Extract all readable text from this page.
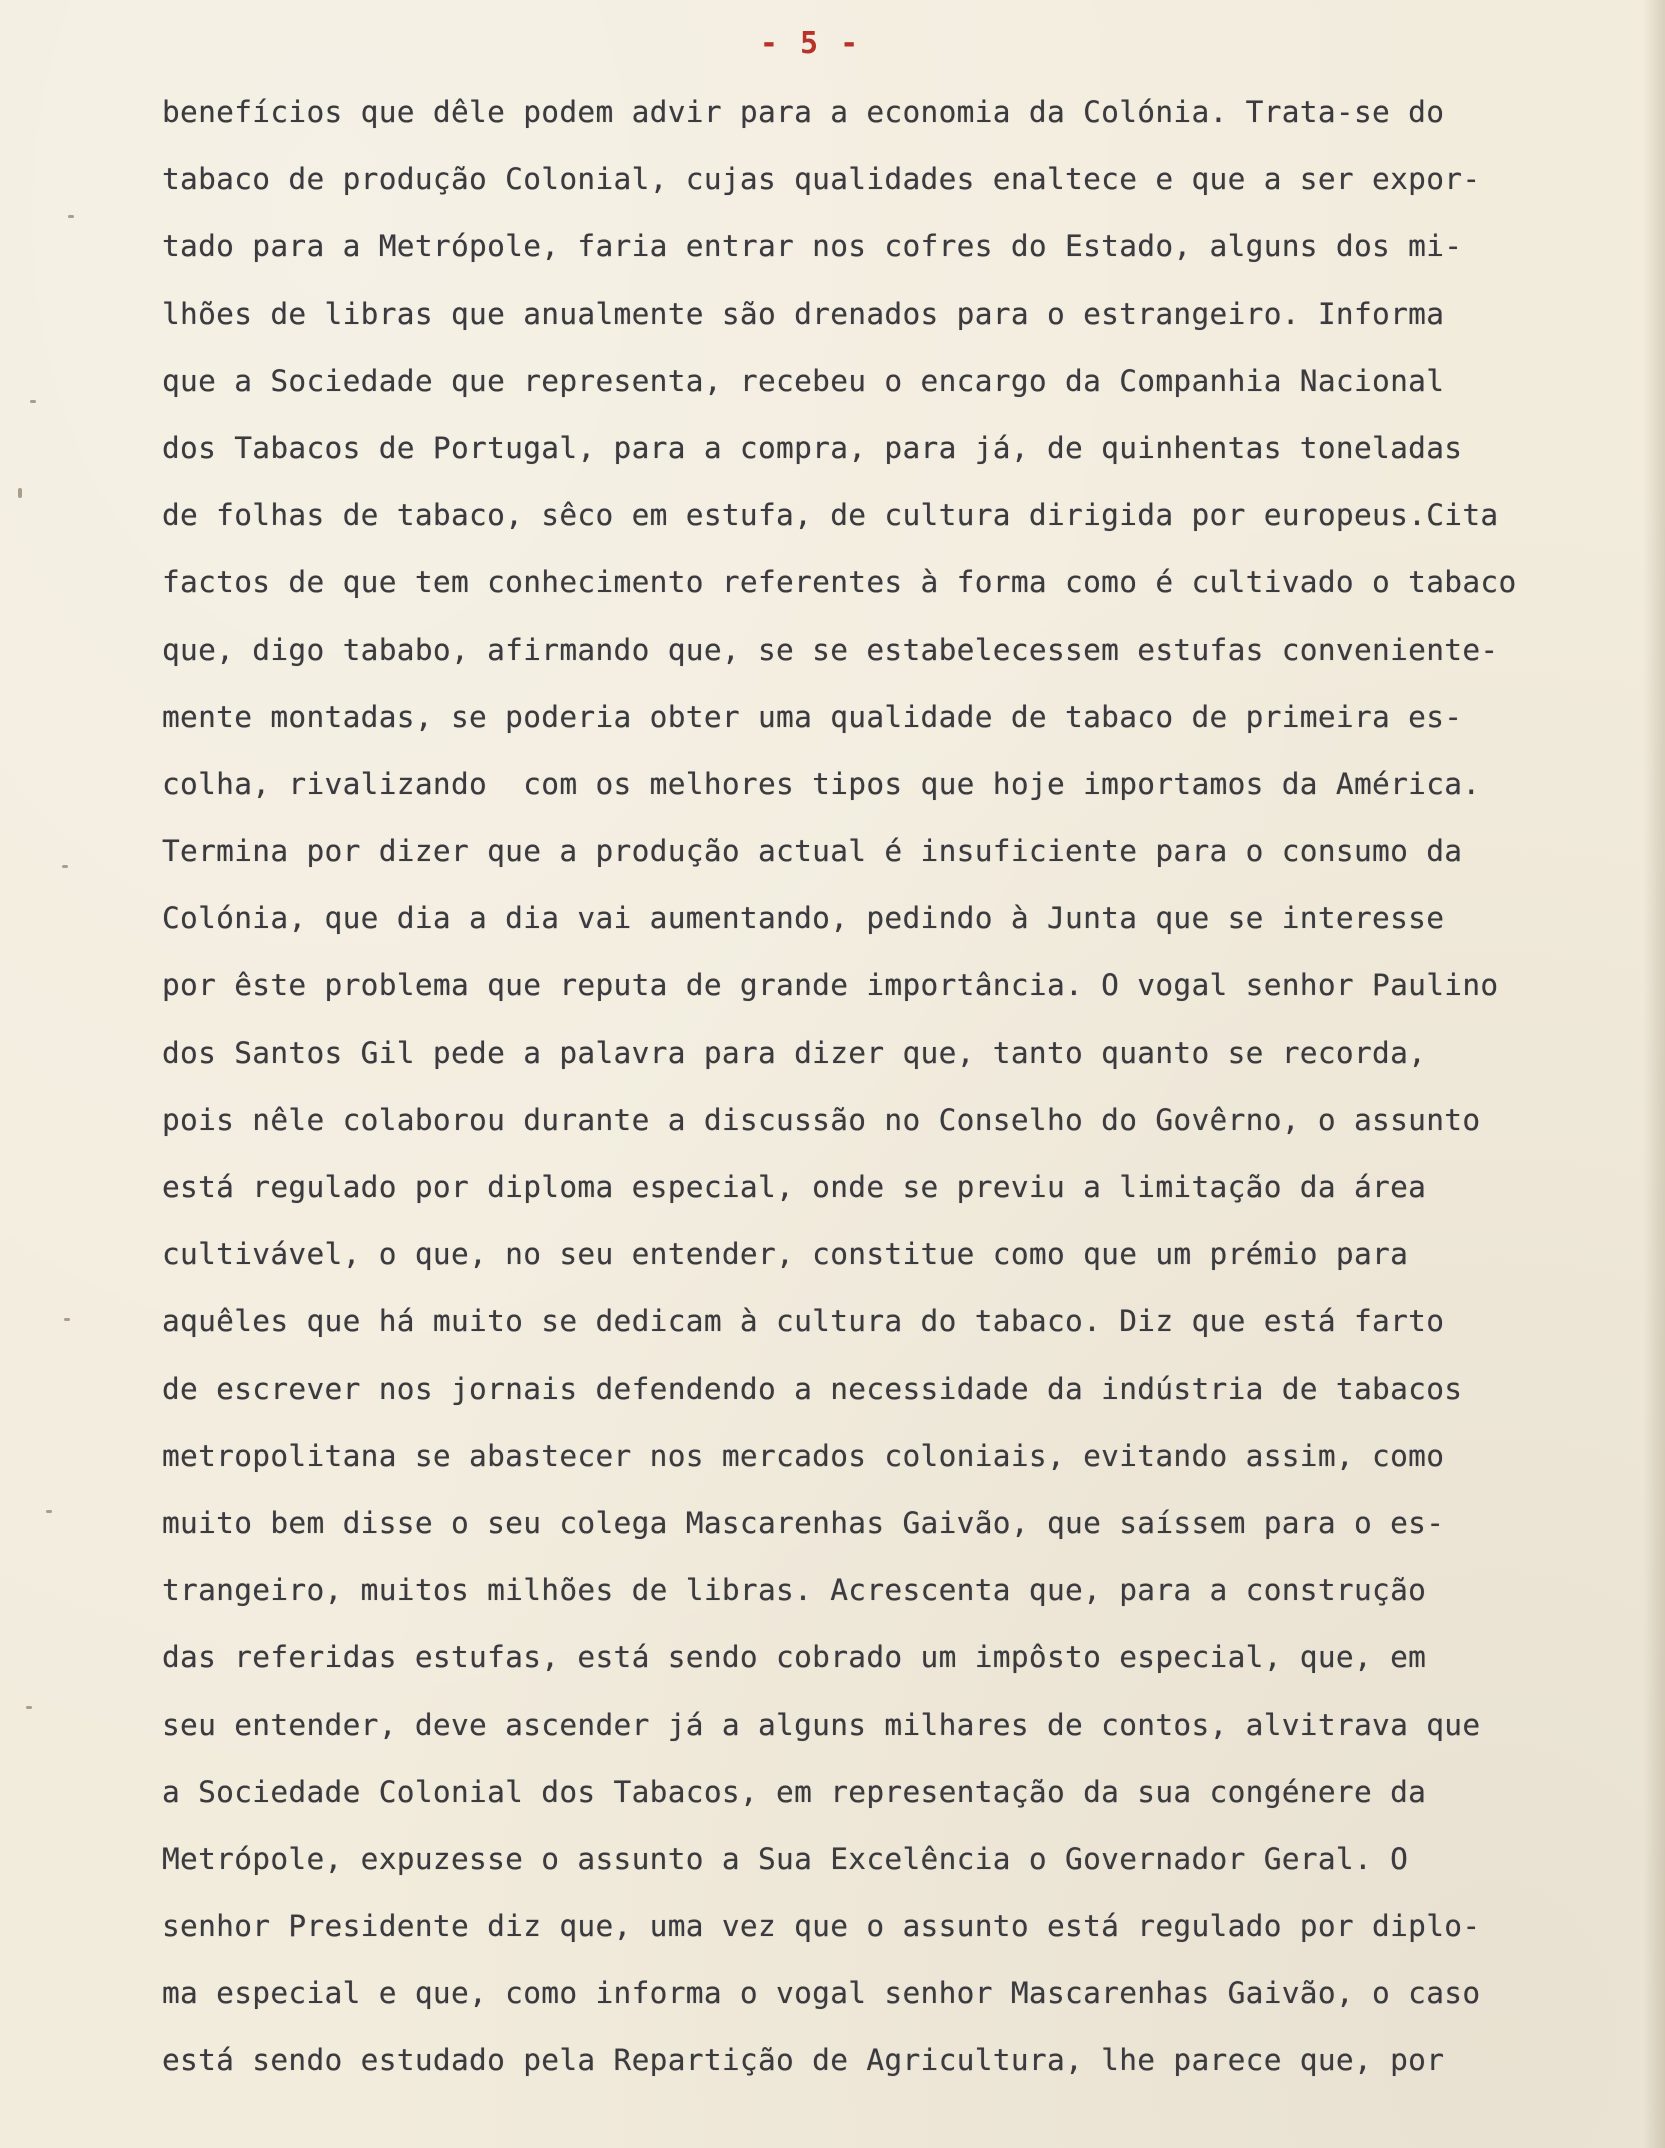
- 5 -
benefícios que dêle podem advir para a economia da Colónia. Trata-se do
tabaco de produção Colonial, cujas qualidades enaltece e que a ser expor-
tado para a Metrópole, faria entrar nos cofres do Estado, alguns dos mi-
lhões de libras que anualmente são drenados para o estrangeiro. Informa
que a Sociedade que representa, recebeu o encargo da Companhia Nacional
dos Tabacos de Portugal, para a compra, para já, de quinhentas toneladas
de folhas de tabaco, sêco em estufa, de cultura dirigida por europeus.Cita
factos de que tem conhecimento referentes à forma como é cultivado o tabaco
que, digo tababo, afirmando que, se se estabelecessem estufas conveniente-
mente montadas, se poderia obter uma qualidade de tabaco de primeira es-
colha, rivalizando  com os melhores tipos que hoje importamos da América.
Termina por dizer que a produção actual é insuficiente para o consumo da
Colónia, que dia a dia vai aumentando, pedindo à Junta que se interesse
por êste problema que reputa de grande importância. O vogal senhor Paulino
dos Santos Gil pede a palavra para dizer que, tanto quanto se recorda,
pois nêle colaborou durante a discussão no Conselho do Govêrno, o assunto
está regulado por diploma especial, onde se previu a limitação da área
cultivável, o que, no seu entender, constitue como que um prémio para
aquêles que há muito se dedicam à cultura do tabaco. Diz que está farto
de escrever nos jornais defendendo a necessidade da indústria de tabacos
metropolitana se abastecer nos mercados coloniais, evitando assim, como
muito bem disse o seu colega Mascarenhas Gaivão, que saíssem para o es-
trangeiro, muitos milhões de libras. Acrescenta que, para a construção
das referidas estufas, está sendo cobrado um impôsto especial, que, em
seu entender, deve ascender já a alguns milhares de contos, alvitrava que
a Sociedade Colonial dos Tabacos, em representação da sua congénere da
Metrópole, expuzesse o assunto a Sua Excelência o Governador Geral. O
senhor Presidente diz que, uma vez que o assunto está regulado por diplo-
ma especial e que, como informa o vogal senhor Mascarenhas Gaivão, o caso
está sendo estudado pela Repartição de Agricultura, lhe parece que, por
